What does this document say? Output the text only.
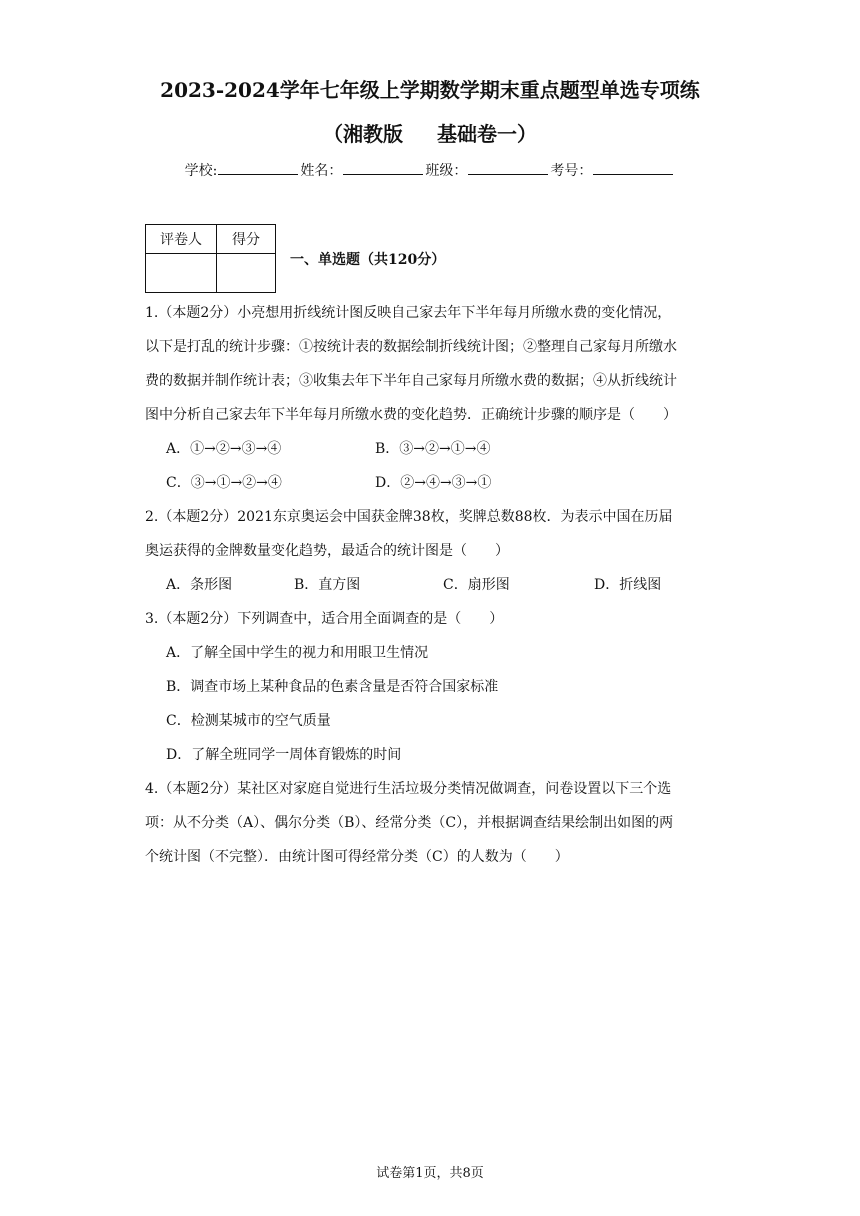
2023-2024学年七年级上学期数学期末重点题型单选专项练
（湘教版 基础卷一）
学校:	姓名：	班级：	考号：
评卷人	得分

一、单选题（共120分）
1.（本题2分）小亮想用折线统计图反映自己家去年下半年每月所缴水费的变化情况，
以下是打乱的统计步骤：①按统计表的数据绘制折线统计图；②整理自己家每月所缴水
费的数据并制作统计表；③收集去年下半年自己家每月所缴水费的数据；④从折线统计
图中分析自己家去年下半年每月所缴水费的变化趋势．正确统计步骤的顺序是（　　）
A．①→②→③→④	B．③→②→①→④
C．③→①→②→④	D．②→④→③→①
2.（本题2分）2021东京奥运会中国获金牌38枚，奖牌总数88枚．为表示中国在历届
奥运获得的金牌数量变化趋势，最适合的统计图是（　　）
A．条形图	B．直方图	C．扇形图	D．折线图
3.（本题2分）下列调查中，适合用全面调查的是（　　）
A．了解全国中学生的视力和用眼卫生情况
B．调查市场上某种食品的色素含量是否符合国家标准
C．检测某城市的空气质量
D．了解全班同学一周体育锻炼的时间
4.（本题2分）某社区对家庭自觉进行生活垃圾分类情况做调查，问卷设置以下三个选
项：从不分类（A）、偶尔分类（B）、经常分类（C），并根据调查结果绘制出如图的两
个统计图（不完整）．由统计图可得经常分类（C）的人数为（　　）
试卷第1页，共8页
